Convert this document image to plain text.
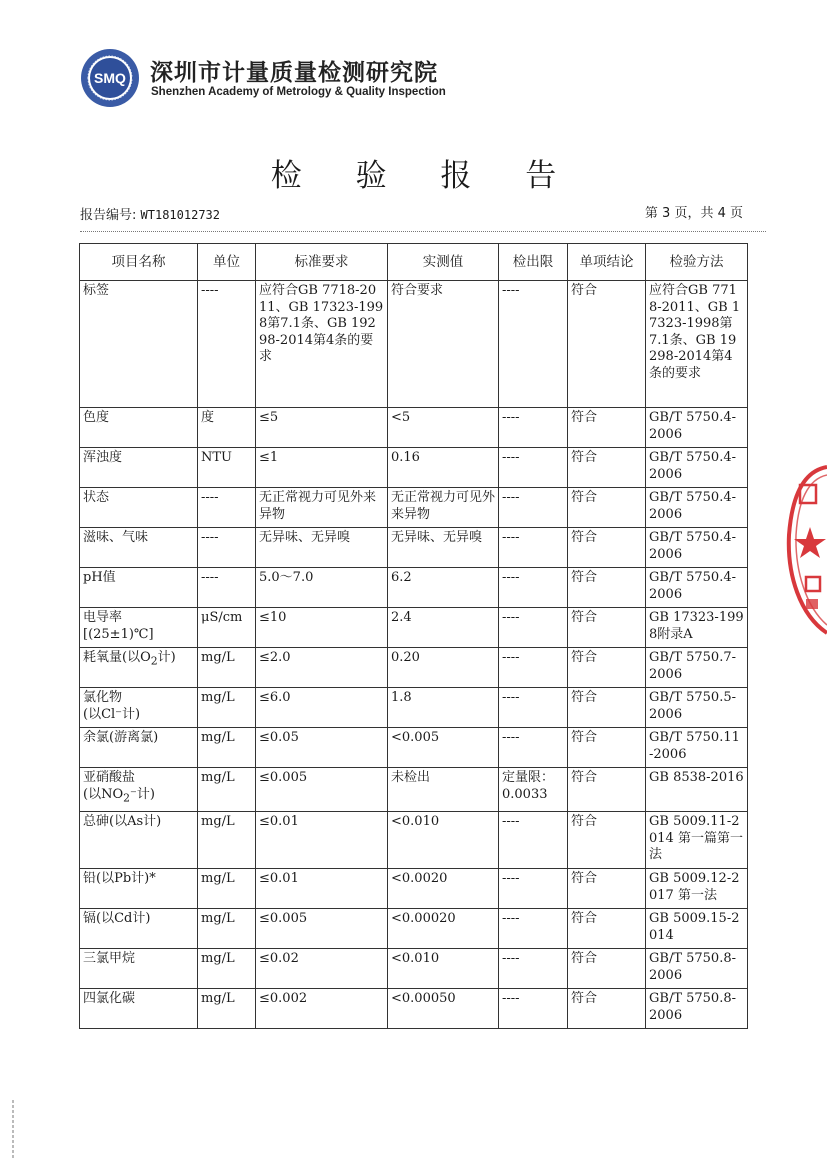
SMQ 深圳市计量质量检测研究院
Shenzhen Academy of Metrology & Quality Inspection
检 验 报 告
报告编号: WT181012732	第 3 页，共 4 页
项目名称	单位	标准要求	实测值	检出限	单项结论	检验方法
标签	----	应符合GB 7718-2011、GB 17323-1998第7.1条、GB 19298-2014第4条的要求	符合要求	----	符合	应符合GB 7718-2011、GB 17323-1998第7.1条、GB 19298-2014第4条的要求
色度	度	≤5	<5	----	符合	GB/T 5750.4-2006
浑浊度	NTU	≤1	0.16	----	符合	GB/T 5750.4-2006
状态	----	无正常视力可见外来异物	无正常视力可见外来异物	----	符合	GB/T 5750.4-2006
滋味、气味	----	无异味、无异嗅	无异味、无异嗅	----	符合	GB/T 5750.4-2006
pH值	----	5.0～7.0	6.2	----	符合	GB/T 5750.4-2006
电导率
[(25±1)℃]	μS/cm	≤10	2.4	----	符合	GB 17323-1998附录A
耗氧量(以$O_2$计)	mg/L	≤2.0	0.20	----	符合	GB/T 5750.7-2006
氯化物
(以Cl⁻计)	mg/L	≤6.0	1.8	----	符合	GB/T 5750.5-2006
余氯(游离氯)	mg/L	≤0.05	<0.005	----	符合	GB/T 5750.11-2006
亚硝酸盐
(以$NO_2^-$计)	mg/L	≤0.005	未检出	定量限：0.0033	符合	GB 8538-2016
总砷(以As计)	mg/L	≤0.01	<0.010	----	符合	GB 5009.11-2014 第一篇第一法
铅(以Pb计)*	mg/L	≤0.01	<0.0020	----	符合	GB 5009.12-2017 第一法
镉(以Cd计)	mg/L	≤0.005	<0.00020	----	符合	GB 5009.15-2014
三氯甲烷	mg/L	≤0.02	<0.010	----	符合	GB/T 5750.8-2006
四氯化碳	mg/L	≤0.002	<0.00050	----	符合	GB/T 5750.8-2006
